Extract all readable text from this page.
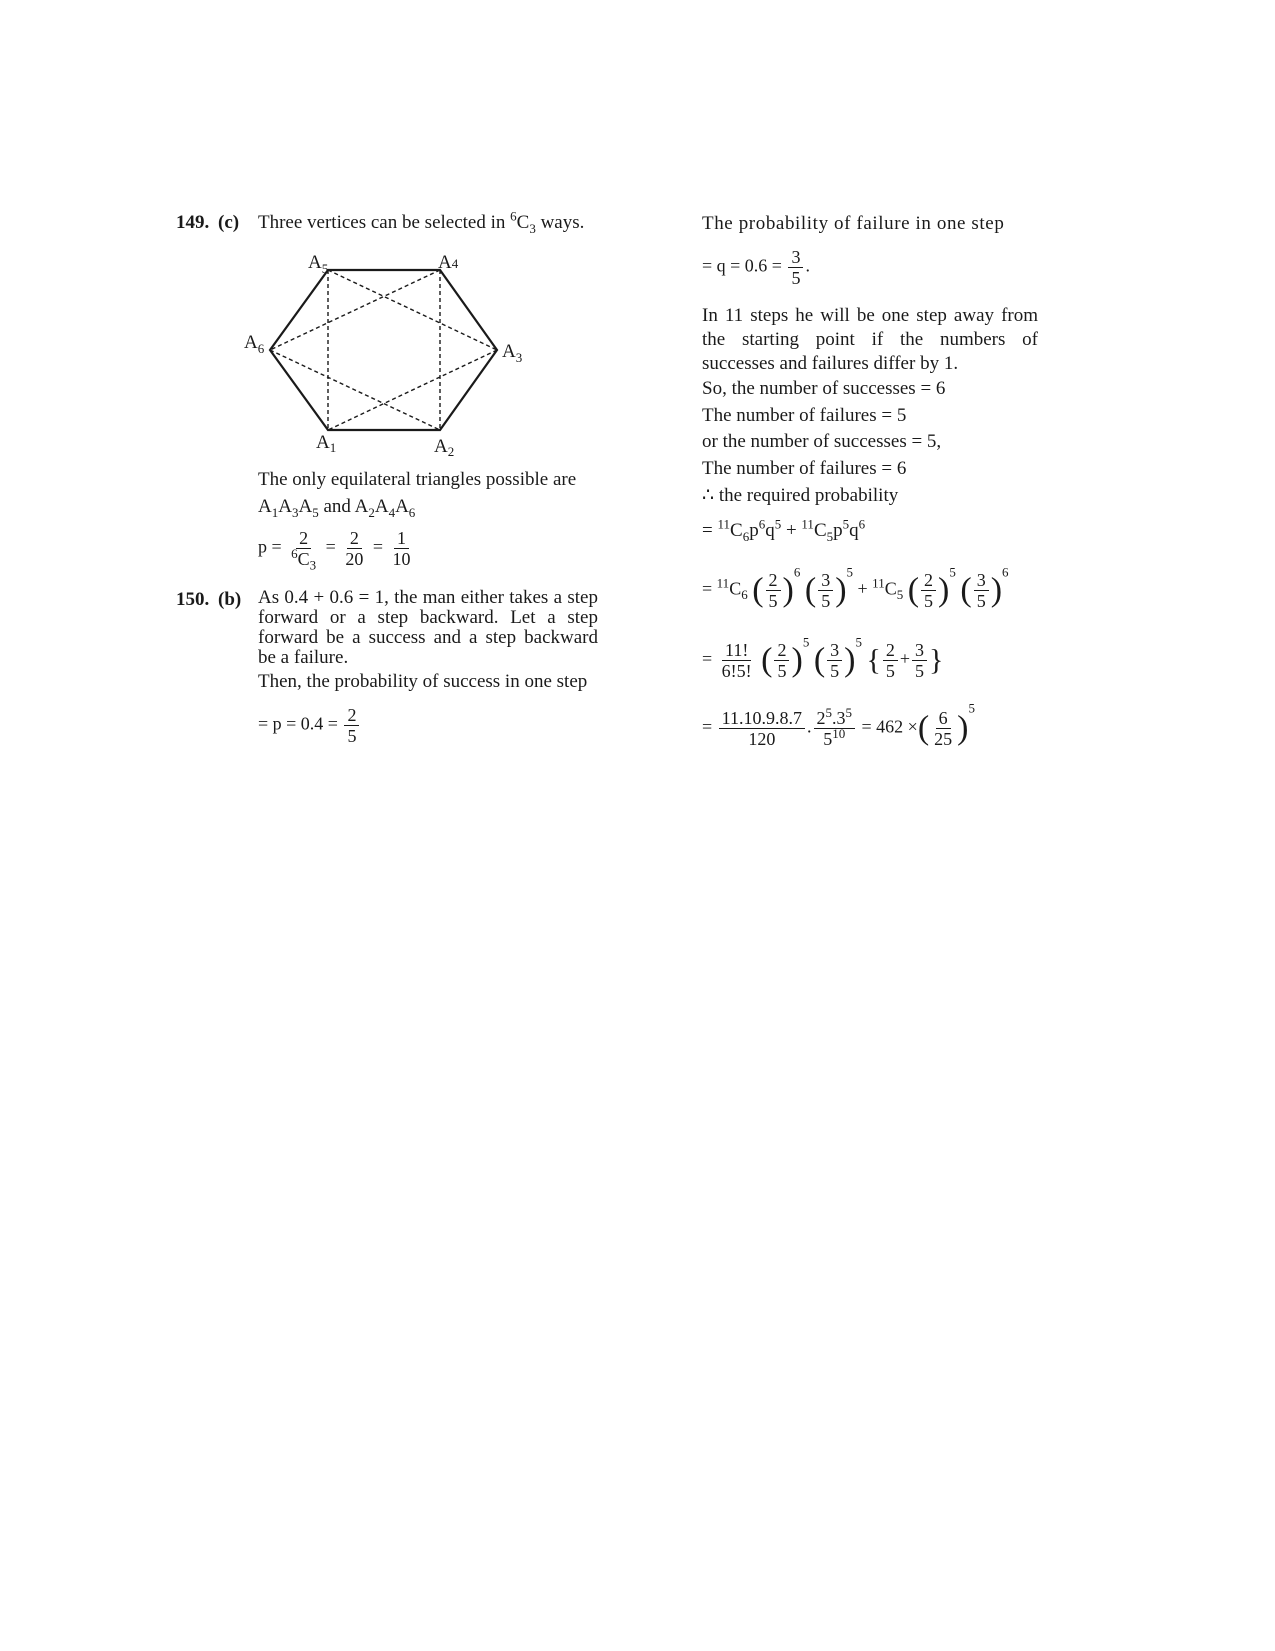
149. (c) Three vertices can be selected in $^6C_3$ ways.
$A_5$	A4
$A_3$
$A_6$
$A_1$	$A_2$
The only equilateral triangles possible are
$A_1A_3A_5$ and $A_2A_4A_6$
$p = \frac{2}{^6C_3} = \frac{2}{20} = \frac{1}{10}$
150. (b) As 0.4 + 0.6 = 1, the man either takes a step
forward or a step backward. Let a step
forward be a success and a step backward
be a failure.
Then, the probability of success in one step
= $p = 0.4 = \frac{2}{5}$
The probability of failure in one step
= $q = 0.6 = \frac{3}{5}$ .
In 11 steps he will be one step away from
the starting point if the numbers of
successes and failures differ by 1.
So, the number of successes = 6
The number of failures = 5
or the number of successes = 5,
The number of failures = 6
∴ the required probability
= $^{11}C_6p^6q^5 + ^{11}C_5p^5q^6$
= $^{11}C_6$ ( $\frac{2}{5} )^6$ ( $\frac{3}{5} )^5 + ^{11}C_5$ ( $\frac{2}{5} )^5$ ( $\frac{3}{5} )^6$
= $\frac{11!}{6!5!}$ ( $\frac{2}{5} )^5$ ( $\frac{3}{5} )^5$ { $\frac{2}{5} + \frac{3}{5}$ }
= $\frac{11.10.9.8.7}{120}$ . $\frac{2^5.3^5}{5^{10}} = 462$ ×( $\frac{6}{25} )^5$
